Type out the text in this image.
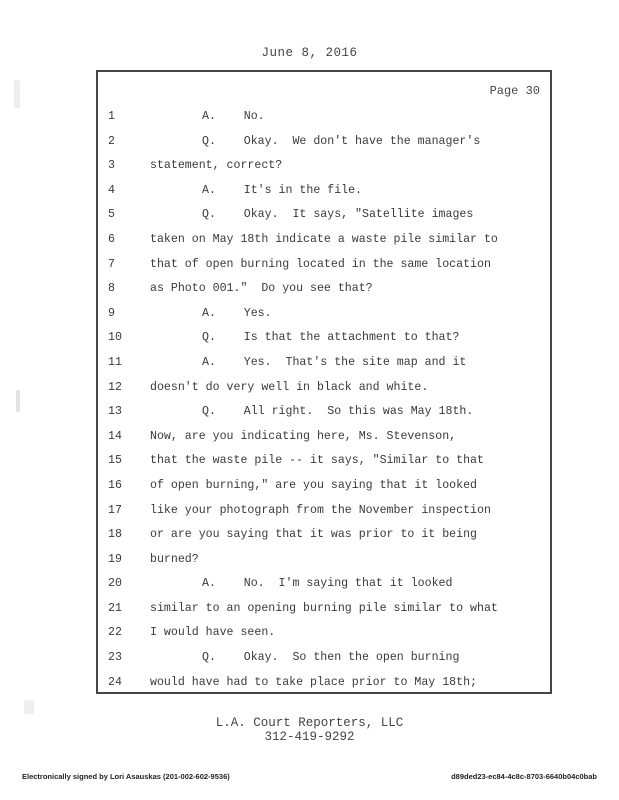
June 8, 2016
Page 30
1	A.    No.
2	Q.    Okay.  We don't have the manager's
3	statement, correct?
4	A.    It's in the file.
5	Q.    Okay.  It says, "Satellite images
6	taken on May 18th indicate a waste pile similar to
7	that of open burning located in the same location
8	as Photo 001."  Do you see that?
9	A.    Yes.
10	Q.    Is that the attachment to that?
11	A.    Yes.  That's the site map and it
12	doesn't do very well in black and white.
13	Q.    All right.  So this was May 18th.
14	Now, are you indicating here, Ms. Stevenson,
15	that the waste pile -- it says, "Similar to that
16	of open burning," are you saying that it looked
17	like your photograph from the November inspection
18	or are you saying that it was prior to it being
19	burned?
20	A.    No.  I'm saying that it looked
21	similar to an opening burning pile similar to what
22	I would have seen.
23	Q.    Okay.  So then the open burning
24	would have had to take place prior to May 18th;
L.A. Court Reporters, LLC
312-419-9292
Electronically signed by Lori Asauskas (201-002-602-9536)	d89ded23-ec84-4c8c-8703-6640b04c0bab
